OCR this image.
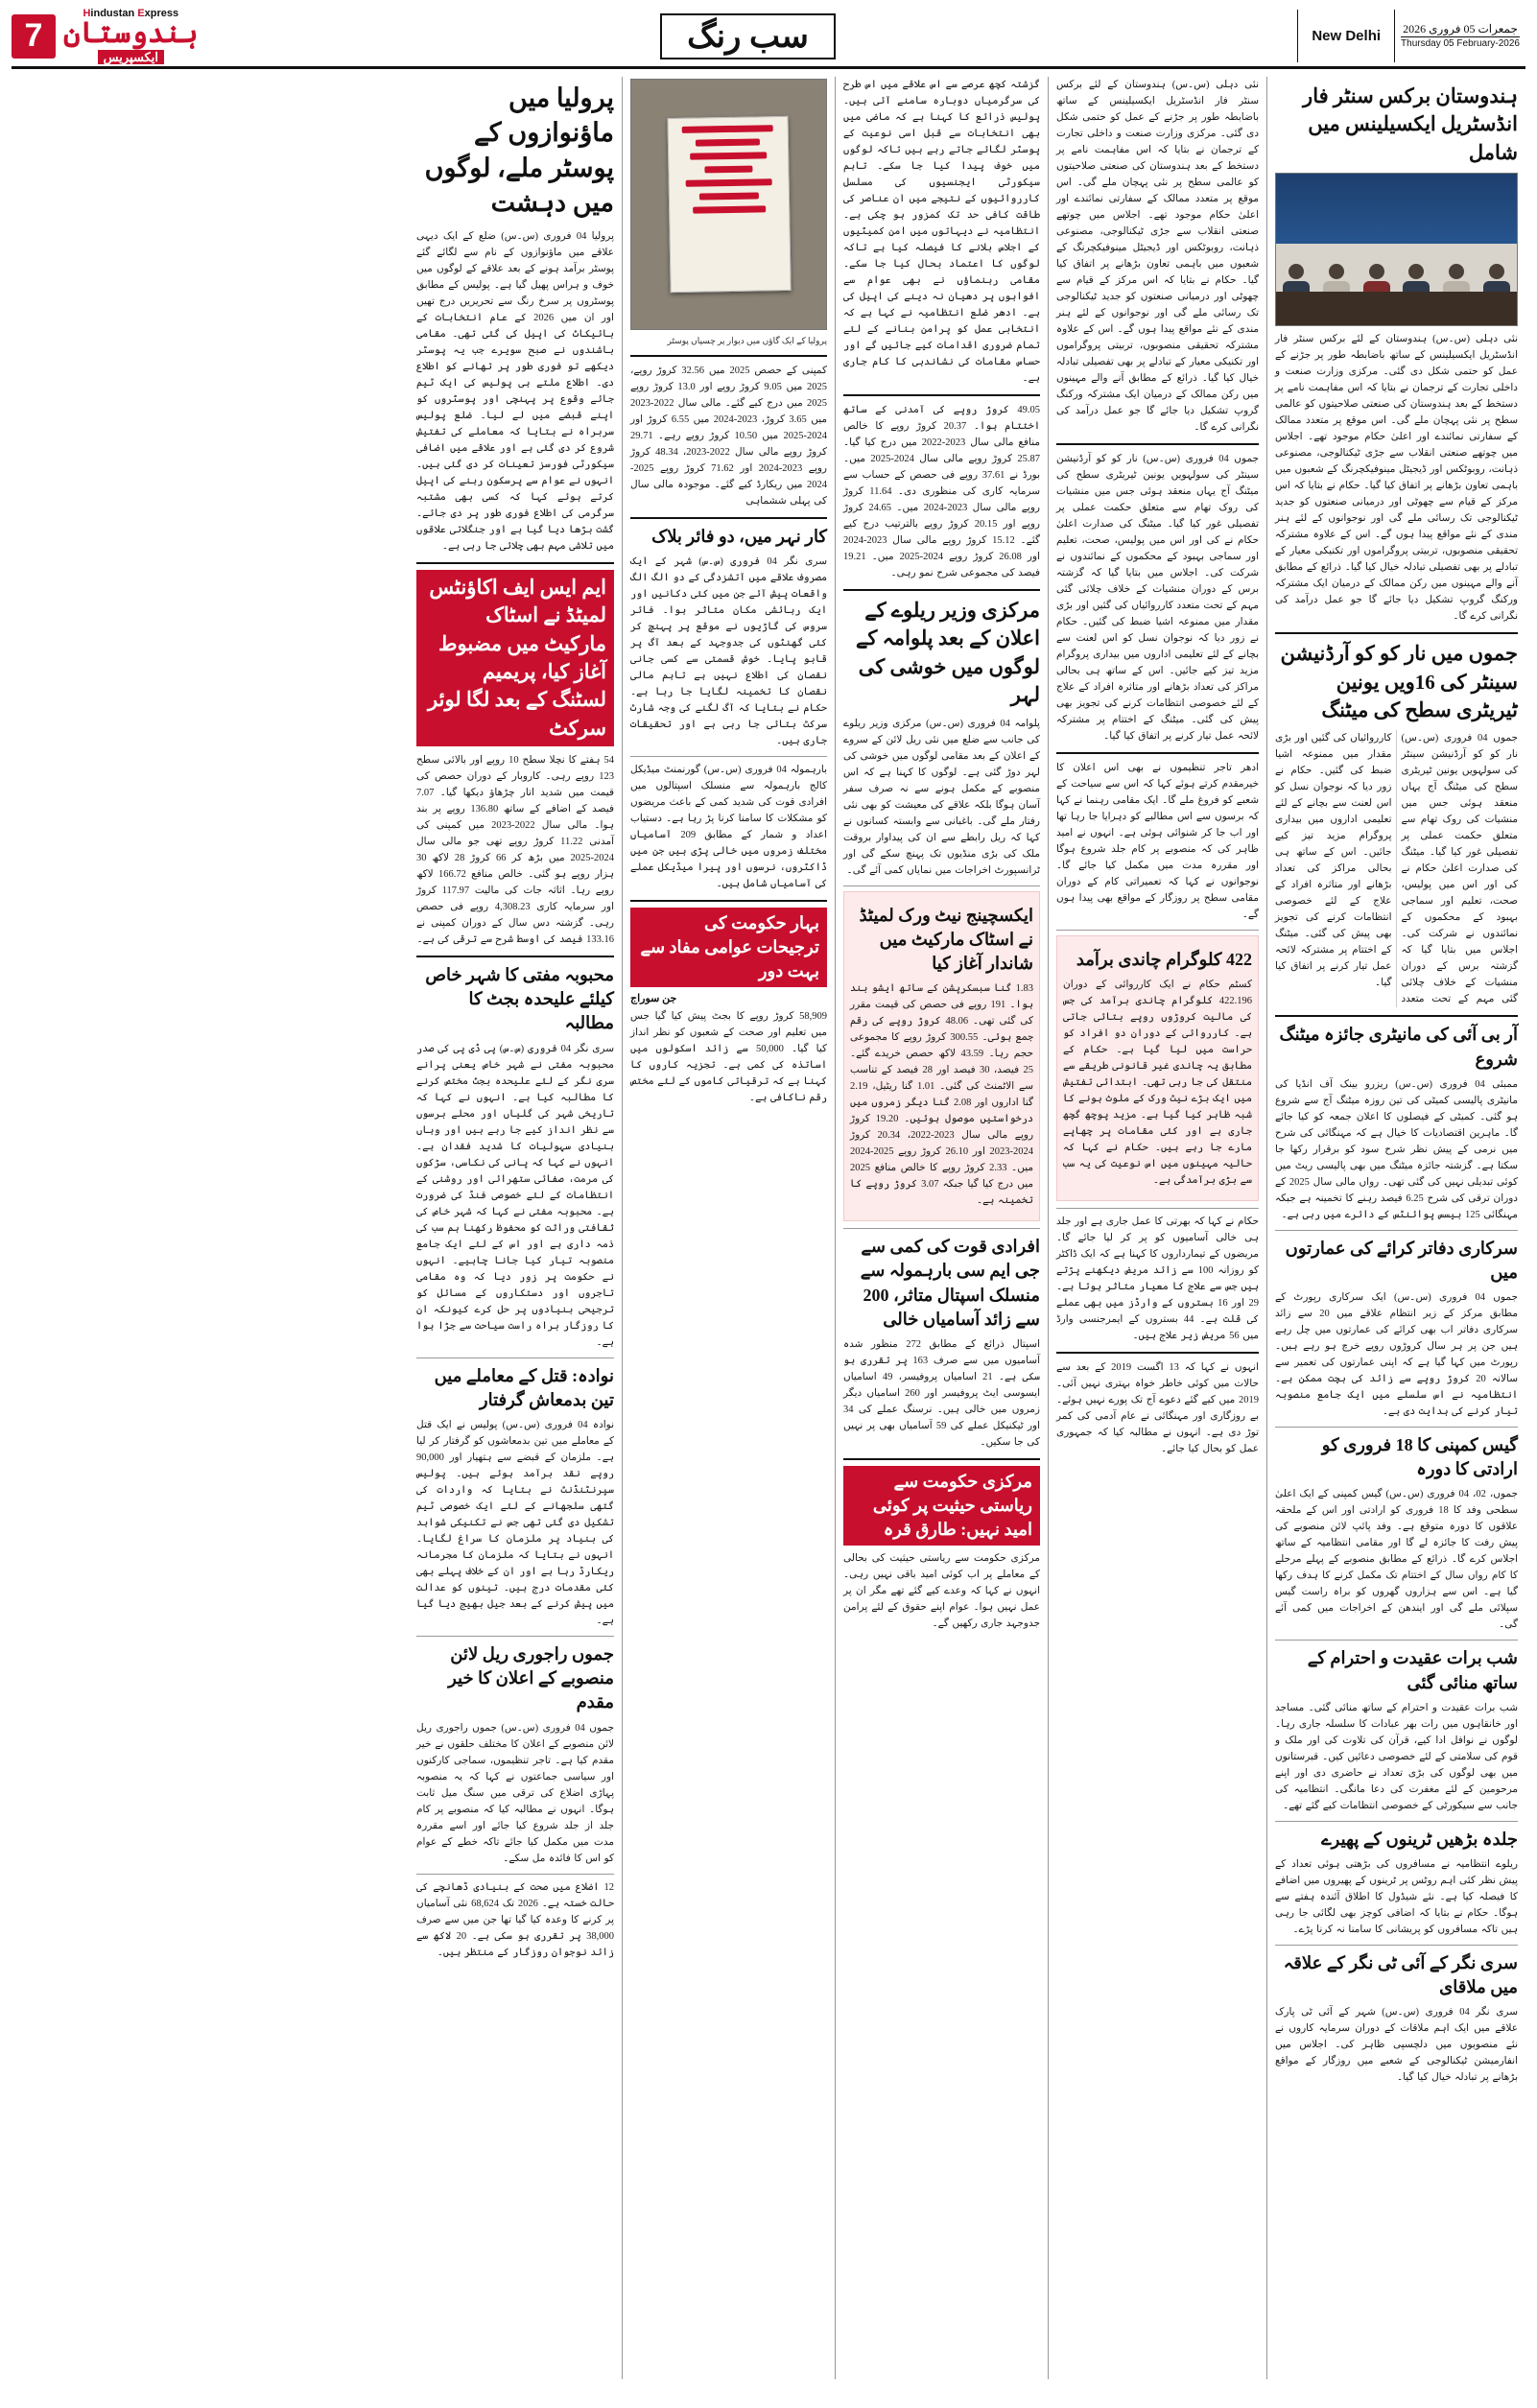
جمعرات 05 فروری 2026
Thursday 05 February-2026
New Delhi
سب رنگ
Hindustan Express
ہندوستان
ایکسپریس
7
ہندوستان برکس سنٹر فار انڈسٹریل ایکسیلینس میں شامل

نئی دہلی (س۔س) ہندوستان کے لئے برکس سنٹر فار انڈسٹریل ایکسیلینس کے ساتھ باضابطہ طور پر جڑنے کے عمل کو حتمی شکل دی گئی۔ مرکزی وزارت صنعت و داخلی تجارت کے ترجمان نے بتایا کہ اس مفاہمت نامے پر دستخط کے بعد ہندوستان کی صنعتی صلاحیتوں کو عالمی سطح پر نئی پہچان ملے گی۔ اس موقع پر متعدد ممالک کے سفارتی نمائندے اور اعلیٰ حکام موجود تھے۔ اجلاس میں چوتھے صنعتی انقلاب سے جڑی ٹیکنالوجی، مصنوعی ذہانت، روبوٹکس اور ڈیجیٹل مینوفیکچرنگ کے شعبوں میں باہمی تعاون بڑھانے پر اتفاق کیا گیا۔ حکام نے بتایا کہ اس مرکز کے قیام سے چھوٹی اور درمیانی صنعتوں کو جدید ٹیکنالوجی تک رسائی ملے گی اور نوجوانوں کے لئے ہنر مندی کے نئے مواقع پیدا ہوں گے۔ اس کے علاوہ مشترکہ تحقیقی منصوبوں، تربیتی پروگراموں اور تکنیکی معیار کے تبادلے پر بھی تفصیلی تبادلہ خیال کیا گیا۔ ذرائع کے مطابق آنے والے مہینوں میں رکن ممالک کے درمیان ایک مشترکہ ورکنگ گروپ تشکیل دیا جائے گا جو عمل درآمد کی نگرانی کرے گا۔

جموں میں نار کو کو آرڈنیشن سینٹر کی 16ویں یونین ٹیریٹری سطح کی میٹنگ

جموں 04 فروری (س۔س) نار کو کو آرڈنیشن سینٹر کی سولہویں یونین ٹیریٹری سطح کی میٹنگ آج یہاں منعقد ہوئی جس میں منشیات کی روک تھام سے متعلق حکمت عملی پر تفصیلی غور کیا گیا۔ میٹنگ کی صدارت اعلیٰ حکام نے کی اور اس میں پولیس، صحت، تعلیم اور سماجی بہبود کے محکموں کے نمائندوں نے شرکت کی۔ اجلاس میں بتایا گیا کہ گزشتہ برس کے دوران منشیات کے خلاف چلائی گئی مہم کے تحت متعدد کارروائیاں کی گئیں اور بڑی مقدار میں ممنوعہ اشیا ضبط کی گئیں۔ حکام نے زور دیا کہ نوجوان نسل کو اس لعنت سے بچانے کے لئے تعلیمی اداروں میں بیداری پروگرام مزید تیز کیے جائیں۔ اس کے ساتھ ہی بحالی مراکز کی تعداد بڑھانے اور متاثرہ افراد کے علاج کے لئے خصوصی انتظامات کرنے کی تجویز بھی پیش کی گئی۔ میٹنگ کے اختتام پر مشترکہ لائحہ عمل تیار کرنے پر اتفاق کیا گیا۔

آر بی آئی کی مانیٹری جائزہ میٹنگ شروع

ممبئی 04 فروری (س۔س) ریزرو بینک آف انڈیا کی مانیٹری پالیسی کمیٹی کی تین روزہ میٹنگ آج سے شروع ہو گئی۔ کمیٹی کے فیصلوں کا اعلان جمعہ کو کیا جائے گا۔ ماہرین اقتصادیات کا خیال ہے کہ مہنگائی کی شرح میں نرمی کے پیش نظر شرح سود کو برقرار رکھا جا سکتا ہے۔ گزشتہ جائزہ میٹنگ میں بھی پالیسی ریٹ میں کوئی تبدیلی نہیں کی گئی تھی۔ رواں مالی سال 2025 کے دوران ترقی کی شرح 6.25 فیصد رہنے کا تخمینہ ہے جبکہ مہنگائی 125 بیسس پوائنٹس کے دائرے میں رہی ہے۔

سرکاری دفاتر کرائے کی عمارتوں میں

جموں 04 فروری (س۔س) ایک سرکاری رپورٹ کے مطابق مرکز کے زیر انتظام علاقے میں 20 سے زائد سرکاری دفاتر اب بھی کرائے کی عمارتوں میں چل رہے ہیں جن پر ہر سال کروڑوں روپے خرچ ہو رہے ہیں۔ رپورٹ میں کہا گیا ہے کہ اپنی عمارتوں کی تعمیر سے سالانہ 20 کروڑ روپے سے زائد کی بچت ممکن ہے۔ انتظامیہ نے اس سلسلے میں ایک جامع منصوبہ تیار کرنے کی ہدایت دی ہے۔

گیس کمپنی کا 18 فروری کو ارادتی کا دورہ

جموں، 02، 04 فروری (س۔س) گیس کمپنی کے ایک اعلیٰ سطحی وفد کا 18 فروری کو ارادتی اور اس کے ملحقہ علاقوں کا دورہ متوقع ہے۔ وفد پائپ لائن منصوبے کی پیش رفت کا جائزہ لے گا اور مقامی انتظامیہ کے ساتھ اجلاس کرے گا۔ ذرائع کے مطابق منصوبے کے پہلے مرحلے کا کام رواں سال کے اختتام تک مکمل کرنے کا ہدف رکھا گیا ہے۔ اس سے ہزاروں گھروں کو براہ راست گیس سپلائی ملے گی اور ایندھن کے اخراجات میں کمی آئے گی۔

شب برات عقیدت و احترام کے ساتھ منائی گئی

شب برات عقیدت و احترام کے ساتھ منائی گئی۔ مساجد اور خانقاہوں میں رات بھر عبادات کا سلسلہ جاری رہا۔ لوگوں نے نوافل ادا کیے، قرآن کی تلاوت کی اور ملک و قوم کی سلامتی کے لئے خصوصی دعائیں کیں۔ قبرستانوں میں بھی لوگوں کی بڑی تعداد نے حاضری دی اور اپنے مرحومین کے لئے مغفرت کی دعا مانگی۔ انتظامیہ کی جانب سے سیکورٹی کے خصوصی انتظامات کیے گئے تھے۔

جلدہ بڑھیں ٹرینوں کے پھیرے

ریلوے انتظامیہ نے مسافروں کی بڑھتی ہوئی تعداد کے پیش نظر کئی اہم روٹس پر ٹرینوں کے پھیروں میں اضافے کا فیصلہ کیا ہے۔ نئے شیڈول کا اطلاق آئندہ ہفتے سے ہوگا۔ حکام نے بتایا کہ اضافی کوچز بھی لگائی جا رہی ہیں تاکہ مسافروں کو پریشانی کا سامنا نہ کرنا پڑے۔

سری نگر کے آئی ٹی نگر کے علاقہ میں ملاقای

سری نگر 04 فروری (س۔س) شہر کے آئی ٹی پارک علاقے میں ایک اہم ملاقات کے دوران سرمایہ کاروں نے نئے منصوبوں میں دلچسپی ظاہر کی۔ اجلاس میں انفارمیشن ٹیکنالوجی کے شعبے میں روزگار کے مواقع بڑھانے پر تبادلہ خیال کیا گیا۔

نئی دہلی (س۔س) ہندوستان کے لئے برکس سنٹر فار انڈسٹریل ایکسیلینس کے ساتھ باضابطہ طور پر جڑنے کے عمل کو حتمی شکل دی گئی۔ مرکزی وزارت صنعت و داخلی تجارت کے ترجمان نے بتایا کہ اس مفاہمت نامے پر دستخط کے بعد ہندوستان کی صنعتی صلاحیتوں کو عالمی سطح پر نئی پہچان ملے گی۔ اس موقع پر متعدد ممالک کے سفارتی نمائندے اور اعلیٰ حکام موجود تھے۔ اجلاس میں چوتھے صنعتی انقلاب سے جڑی ٹیکنالوجی، مصنوعی ذہانت، روبوٹکس اور ڈیجیٹل مینوفیکچرنگ کے شعبوں میں باہمی تعاون بڑھانے پر اتفاق کیا گیا۔ حکام نے بتایا کہ اس مرکز کے قیام سے چھوٹی اور درمیانی صنعتوں کو جدید ٹیکنالوجی تک رسائی ملے گی اور نوجوانوں کے لئے ہنر مندی کے نئے مواقع پیدا ہوں گے۔ اس کے علاوہ مشترکہ تحقیقی منصوبوں، تربیتی پروگراموں اور تکنیکی معیار کے تبادلے پر بھی تفصیلی تبادلہ خیال کیا گیا۔ ذرائع کے مطابق آنے والے مہینوں میں رکن ممالک کے درمیان ایک مشترکہ ورکنگ گروپ تشکیل دیا جائے گا جو عمل درآمد کی نگرانی کرے گا۔

جموں 04 فروری (س۔س) نار کو کو آرڈنیشن سینٹر کی سولہویں یونین ٹیریٹری سطح کی میٹنگ آج یہاں منعقد ہوئی جس میں منشیات کی روک تھام سے متعلق حکمت عملی پر تفصیلی غور کیا گیا۔ میٹنگ کی صدارت اعلیٰ حکام نے کی اور اس میں پولیس، صحت، تعلیم اور سماجی بہبود کے محکموں کے نمائندوں نے شرکت کی۔ اجلاس میں بتایا گیا کہ گزشتہ برس کے دوران منشیات کے خلاف چلائی گئی مہم کے تحت متعدد کارروائیاں کی گئیں اور بڑی مقدار میں ممنوعہ اشیا ضبط کی گئیں۔ حکام نے زور دیا کہ نوجوان نسل کو اس لعنت سے بچانے کے لئے تعلیمی اداروں میں بیداری پروگرام مزید تیز کیے جائیں۔ اس کے ساتھ ہی بحالی مراکز کی تعداد بڑھانے اور متاثرہ افراد کے علاج کے لئے خصوصی انتظامات کرنے کی تجویز بھی پیش کی گئی۔ میٹنگ کے اختتام پر مشترکہ لائحہ عمل تیار کرنے پر اتفاق کیا گیا۔

ادھر تاجر تنظیموں نے بھی اس اعلان کا خیرمقدم کرتے ہوئے کہا کہ اس سے سیاحت کے شعبے کو فروغ ملے گا۔ ایک مقامی رہنما نے کہا کہ برسوں سے اس مطالبے کو دہرایا جا رہا تھا اور اب جا کر شنوائی ہوئی ہے۔ انہوں نے امید ظاہر کی کہ منصوبے پر کام جلد شروع ہوگا اور مقررہ مدت میں مکمل کیا جائے گا۔ نوجوانوں نے کہا کہ تعمیراتی کام کے دوران مقامی سطح پر روزگار کے مواقع بھی پیدا ہوں گے۔

422 کلوگرام چاندی برآمد

کسٹم حکام نے ایک کارروائی کے دوران 422.196 کلوگرام چاندی برآمد کی جس کی مالیت کروڑوں روپے بتائی جاتی ہے۔ کارروائی کے دوران دو افراد کو حراست میں لیا گیا ہے۔ حکام کے مطابق یہ چاندی غیر قانونی طریقے سے منتقل کی جا رہی تھی۔ ابتدائی تفتیش میں ایک بڑے نیٹ ورک کے ملوث ہونے کا شبہ ظاہر کیا گیا ہے۔ مزید پوچھ گچھ جاری ہے اور کئی مقامات پر چھاپے مارے جا رہے ہیں۔ حکام نے کہا کہ حالیہ مہینوں میں اس نوعیت کی یہ سب سے بڑی برآمدگی ہے۔

حکام نے کہا کہ بھرتی کا عمل جاری ہے اور جلد ہی خالی آسامیوں کو پر کر لیا جائے گا۔ مریضوں کے تیمارداروں کا کہنا ہے کہ ایک ڈاکٹر کو روزانہ 100 سے زائد مریض دیکھنے پڑتے ہیں جس سے علاج کا معیار متاثر ہوتا ہے۔ 29 اور 16 بستروں کے وارڈز میں بھی عملے کی قلت ہے۔ 44 بستروں کے ایمرجنسی وارڈ میں 56 مریض زیر علاج ہیں۔

انہوں نے کہا کہ 13 اگست 2019 کے بعد سے حالات میں کوئی خاطر خواہ بہتری نہیں آئی۔ 2019 میں کیے گئے دعوے آج تک پورے نہیں ہوئے۔ بے روزگاری اور مہنگائی نے عام آدمی کی کمر توڑ دی ہے۔ انہوں نے مطالبہ کیا کہ جمہوری عمل کو بحال کیا جائے۔

گزشتہ کچھ عرصے سے اس علاقے میں اس طرح کی سرگرمیاں دوبارہ سامنے آئی ہیں۔ پولیس ذرائع کا کہنا ہے کہ ماضی میں بھی انتخابات سے قبل اسی نوعیت کے پوسٹر لگائے جاتے رہے ہیں تاکہ لوگوں میں خوف پیدا کیا جا سکے۔ تاہم سیکورٹی ایجنسیوں کی مسلسل کارروائیوں کے نتیجے میں ان عناصر کی طاقت کافی حد تک کمزور ہو چکی ہے۔ انتظامیہ نے دیہاتوں میں امن کمیٹیوں کے اجلاس بلانے کا فیصلہ کیا ہے تاکہ لوگوں کا اعتماد بحال کیا جا سکے۔ مقامی رہنماؤں نے بھی عوام سے افواہوں پر دھیان نہ دینے کی اپیل کی ہے۔ ادھر ضلع انتظامیہ نے کہا ہے کہ انتخابی عمل کو پرامن بنانے کے لئے تمام ضروری اقدامات کیے جائیں گے اور حساس مقامات کی نشاندہی کا کام جاری ہے۔

49.05 کروڑ روپے کی آمدنی کے ساتھ اختتام ہوا۔ 20.37 کروڑ روپے کا خالص منافع مالی سال 2023-2022 میں درج کیا گیا۔ 25.87 کروڑ روپے مالی سال 2024-2025 میں۔ بورڈ نے 37.61 روپے فی حصص کے حساب سے سرمایہ کاری کی منظوری دی۔ 11.64 کروڑ روپے مالی سال 2023-2024 میں۔ 24.65 کروڑ روپے اور 20.15 کروڑ روپے بالترتیب درج کیے گئے۔ 15.12 کروڑ روپے مالی سال 2023-2024 اور 26.08 کروڑ روپے 2024-2025 میں۔ 19.21 فیصد کی مجموعی شرح نمو رہی۔

مرکزی وزیر ریلوے کے اعلان کے بعد پلوامہ کے لوگوں میں خوشی کی لہر

پلوامہ 04 فروری (س۔س) مرکزی وزیر ریلوے کی جانب سے ضلع میں نئی ریل لائن کے سروے کے اعلان کے بعد مقامی لوگوں میں خوشی کی لہر دوڑ گئی ہے۔ لوگوں کا کہنا ہے کہ اس منصوبے کے مکمل ہونے سے نہ صرف سفر آسان ہوگا بلکہ علاقے کی معیشت کو بھی نئی رفتار ملے گی۔ باغبانی سے وابستہ کسانوں نے کہا کہ ریل رابطے سے ان کی پیداوار بروقت ملک کی بڑی منڈیوں تک پہنچ سکے گی اور ٹرانسپورٹ اخراجات میں نمایاں کمی آئے گی۔

ایکسچینج نیٹ ورک لمیٹڈ نے اسٹاک مارکیٹ میں شاندار آغاز کیا

1.83 گنا سبسکرپشن کے ساتھ ایشو بند ہوا۔ 191 روپے فی حصص کی قیمت مقرر کی گئی تھی۔ 48.06 کروڑ روپے کی رقم جمع ہوئی۔ 300.55 کروڑ روپے کا مجموعی حجم رہا۔ 43.59 لاکھ حصص خریدے گئے۔ 25 فیصد، 30 فیصد اور 28 فیصد کے تناسب سے الاٹمنٹ کی گئی۔ 1.01 گنا ریٹیل، 2.19 گنا اداروں اور 2.08 گنا دیگر زمروں میں درخواستیں موصول ہوئیں۔ 19.20 کروڑ روپے مالی سال 2023-2022، 20.34 کروڑ 2024-2023 اور 26.10 کروڑ روپے 2025-2024 میں۔ 2.33 کروڑ روپے کا خالص منافع 2025 میں درج کیا گیا جبکہ 3.07 کروڑ روپے کا تخمینہ ہے۔

افرادی قوت کی کمی سے جی ایم سی بارہمولہ سے منسلک اسپتال متاثر، 200 سے زائد آسامیاں خالی

اسپتال ذرائع کے مطابق 272 منظور شدہ آسامیوں میں سے صرف 163 پر تقرری ہو سکی ہے۔ 21 اسامیاں پروفیسر، 49 اسامیاں ایسوسی ایٹ پروفیسر اور 260 اسامیاں دیگر زمروں میں خالی ہیں۔ نرسنگ عملے کی 34 اور ٹیکنیکل عملے کی 59 آسامیاں بھی پر نہیں کی جا سکیں۔

مرکزی حکومت سے ریاستی حیثیت پر کوئی امید نہیں: طارق قرہ

مرکزی حکومت سے ریاستی حیثیت کی بحالی کے معاملے پر اب کوئی امید باقی نہیں رہی۔ انہوں نے کہا کہ وعدے کیے گئے تھے مگر ان پر عمل نہیں ہوا۔ عوام اپنے حقوق کے لئے پرامن جدوجہد جاری رکھیں گے۔

پرولیا کے ایک گاؤں میں دیوار پر چسپاں پوسٹر

کمپنی کے حصص 2025 میں 32.56 کروڑ روپے، 2025 میں 9.05 کروڑ روپے اور 13.0 کروڑ روپے 2025 میں درج کیے گئے۔ مالی سال 2022-2023 میں 3.65 کروڑ، 2023-2024 میں 6.55 کروڑ اور 2024-2025 میں 10.50 کروڑ روپے رہے۔ 29.71 کروڑ روپے مالی سال 2022-2023، 48.34 کروڑ روپے 2023-2024 اور 71.62 کروڑ روپے 2025-2024 میں ریکارڈ کیے گئے۔ موجودہ مالی سال کی پہلی ششماہی

کار نہر میں، دو فائر بلاک

سری نگر 04 فروری (س۔س) شہر کے ایک مصروف علاقے میں آتشزدگی کے دو الگ الگ واقعات پیش آئے جن میں کئی دکانیں اور ایک رہائشی مکان متاثر ہوا۔ فائر سروس کی گاڑیوں نے موقع پر پہنچ کر کئی گھنٹوں کی جدوجہد کے بعد آگ پر قابو پایا۔ خوش قسمتی سے کسی جانی نقصان کی اطلاع نہیں ہے تاہم مالی نقصان کا تخمینہ لگایا جا رہا ہے۔ حکام نے بتایا کہ آگ لگنے کی وجہ شارٹ سرکٹ بتائی جا رہی ہے اور تحقیقات جاری ہیں۔

بارہمولہ 04 فروری (س۔س) گورنمنٹ میڈیکل کالج بارہمولہ سے منسلک اسپتالوں میں افرادی قوت کی شدید کمی کے باعث مریضوں کو مشکلات کا سامنا کرنا پڑ رہا ہے۔ دستیاب اعداد و شمار کے مطابق 209 آسامیاں مختلف زمروں میں خالی پڑی ہیں جن میں ڈاکٹروں، نرسوں اور پیرا میڈیکل عملے کی آسامیاں شامل ہیں۔

بہار حکومت کی ترجیحات عوامی مفاد سے بہت دور
جن سوراج

58,909 کروڑ روپے کا بجٹ پیش کیا گیا جس میں تعلیم اور صحت کے شعبوں کو نظر انداز کیا گیا۔ 50,000 سے زائد اسکولوں میں اساتذہ کی کمی ہے۔ تجزیہ کاروں کا کہنا ہے کہ ترقیاتی کاموں کے لئے مختص رقم ناکافی ہے۔

پرولیا میں ماؤنوازوں کے پوسٹر ملے، لوگوں میں دہشت

پرولیا 04 فروری (س۔س) ضلع کے ایک دیہی علاقے میں ماؤنوازوں کے نام سے لگائے گئے پوسٹر برآمد ہونے کے بعد علاقے کے لوگوں میں خوف و ہراس پھیل گیا ہے۔ پولیس کے مطابق پوسٹروں پر سرخ رنگ سے تحریریں درج تھیں اور ان میں 2026 کے عام انتخابات کے بائیکاٹ کی اپیل کی گئی تھی۔ مقامی باشندوں نے صبح سویرے جب یہ پوسٹر دیکھے تو فوری طور پر تھانے کو اطلاع دی۔ اطلاع ملتے ہی پولیس کی ایک ٹیم جائے وقوع پر پہنچی اور پوسٹروں کو اپنے قبضے میں لے لیا۔ ضلع پولیس سربراہ نے بتایا کہ معاملے کی تفتیش شروع کر دی گئی ہے اور علاقے میں اضافی سیکورٹی فورسز تعینات کر دی گئی ہیں۔ انہوں نے عوام سے پرسکون رہنے کی اپیل کرتے ہوئے کہا کہ کسی بھی مشتبہ سرگرمی کی اطلاع فوری طور پر دی جائے۔ گشت بڑھا دیا گیا ہے اور جنگلاتی علاقوں میں تلاشی مہم بھی چلائی جا رہی ہے۔

ایم ایس ایف اکاؤنٹس لمیٹڈ نے اسٹاک مارکیٹ میں مضبوط آغاز کیا، پریمیم لسٹنگ کے بعد لگا لوئر سرکٹ

54 ہفتے کا نچلا سطح 10 روپے اور بالائی سطح 123 روپے رہی۔ کاروبار کے دوران حصص کی قیمت میں شدید اتار چڑھاؤ دیکھا گیا۔ 7.07 فیصد کے اضافے کے ساتھ 136.80 روپے پر بند ہوا۔ مالی سال 2022-2023 میں کمپنی کی آمدنی 11.22 کروڑ روپے تھی جو مالی سال 2024-2025 میں بڑھ کر 66 کروڑ 28 لاکھ 30 ہزار روپے ہو گئی۔ خالص منافع 166.72 لاکھ روپے رہا۔ اثاثہ جات کی مالیت 117.97 کروڑ اور سرمایہ کاری 4,308.23 روپے فی حصص رہی۔ گزشتہ دس سال کے دوران کمپنی نے 133.16 فیصد کی اوسط شرح سے ترقی کی ہے۔

محبوبہ مفتی کا شہر خاص کیلئے علیحدہ بجٹ کا مطالبہ

سری نگر 04 فروری (س۔س) پی ڈی پی کی صدر محبوبہ مفتی نے شہر خاص یعنی پرانے سری نگر کے لئے علیحدہ بجٹ مختص کرنے کا مطالبہ کیا ہے۔ انہوں نے کہا کہ تاریخی شہر کی گلیاں اور محلے برسوں سے نظر انداز کیے جا رہے ہیں اور وہاں بنیادی سہولیات کا شدید فقدان ہے۔ انہوں نے کہا کہ پانی کی نکاسی، سڑکوں کی مرمت، صفائی ستھرائی اور روشنی کے انتظامات کے لئے خصوصی فنڈ کی ضرورت ہے۔ محبوبہ مفتی نے کہا کہ شہر خاص کی ثقافتی وراثت کو محفوظ رکھنا ہم سب کی ذمہ داری ہے اور اس کے لئے ایک جامع منصوبہ تیار کیا جانا چاہیے۔ انہوں نے حکومت پر زور دیا کہ وہ مقامی تاجروں اور دستکاروں کے مسائل کو ترجیحی بنیادوں پر حل کرے کیونکہ ان کا روزگار براہ راست سیاحت سے جڑا ہوا ہے۔

نوادہ: قتل کے معاملے میں تین بدمعاش گرفتار

نوادہ 04 فروری (س۔س) پولیس نے ایک قتل کے معاملے میں تین بدمعاشوں کو گرفتار کر لیا ہے۔ ملزمان کے قبضے سے ہتھیار اور 90,000 روپے نقد برآمد ہوئے ہیں۔ پولیس سپرنٹنڈنٹ نے بتایا کہ واردات کی گتھی سلجھانے کے لئے ایک خصوصی ٹیم تشکیل دی گئی تھی جس نے تکنیکی شواہد کی بنیاد پر ملزمان کا سراغ لگایا۔ انہوں نے بتایا کہ ملزمان کا مجرمانہ ریکارڈ رہا ہے اور ان کے خلاف پہلے بھی کئی مقدمات درج ہیں۔ تینوں کو عدالت میں پیش کرنے کے بعد جیل بھیج دیا گیا ہے۔

جموں راجوری ریل لائن منصوبے کے اعلان کا خیر مقدم

جموں 04 فروری (س۔س) جموں راجوری ریل لائن منصوبے کے اعلان کا مختلف حلقوں نے خیر مقدم کیا ہے۔ تاجر تنظیموں، سماجی کارکنوں اور سیاسی جماعتوں نے کہا کہ یہ منصوبہ پہاڑی اضلاع کی ترقی میں سنگ میل ثابت ہوگا۔ انہوں نے مطالبہ کیا کہ منصوبے پر کام جلد از جلد شروع کیا جائے اور اسے مقررہ مدت میں مکمل کیا جائے تاکہ خطے کے عوام کو اس کا فائدہ مل سکے۔

12 اضلاع میں صحت کے بنیادی ڈھانچے کی حالت خستہ ہے۔ 2026 تک 68,624 نئی آسامیاں پر کرنے کا وعدہ کیا گیا تھا جن میں سے صرف 38,000 پر تقرری ہو سکی ہے۔ 20 لاکھ سے زائد نوجوان روزگار کے منتظر ہیں۔
